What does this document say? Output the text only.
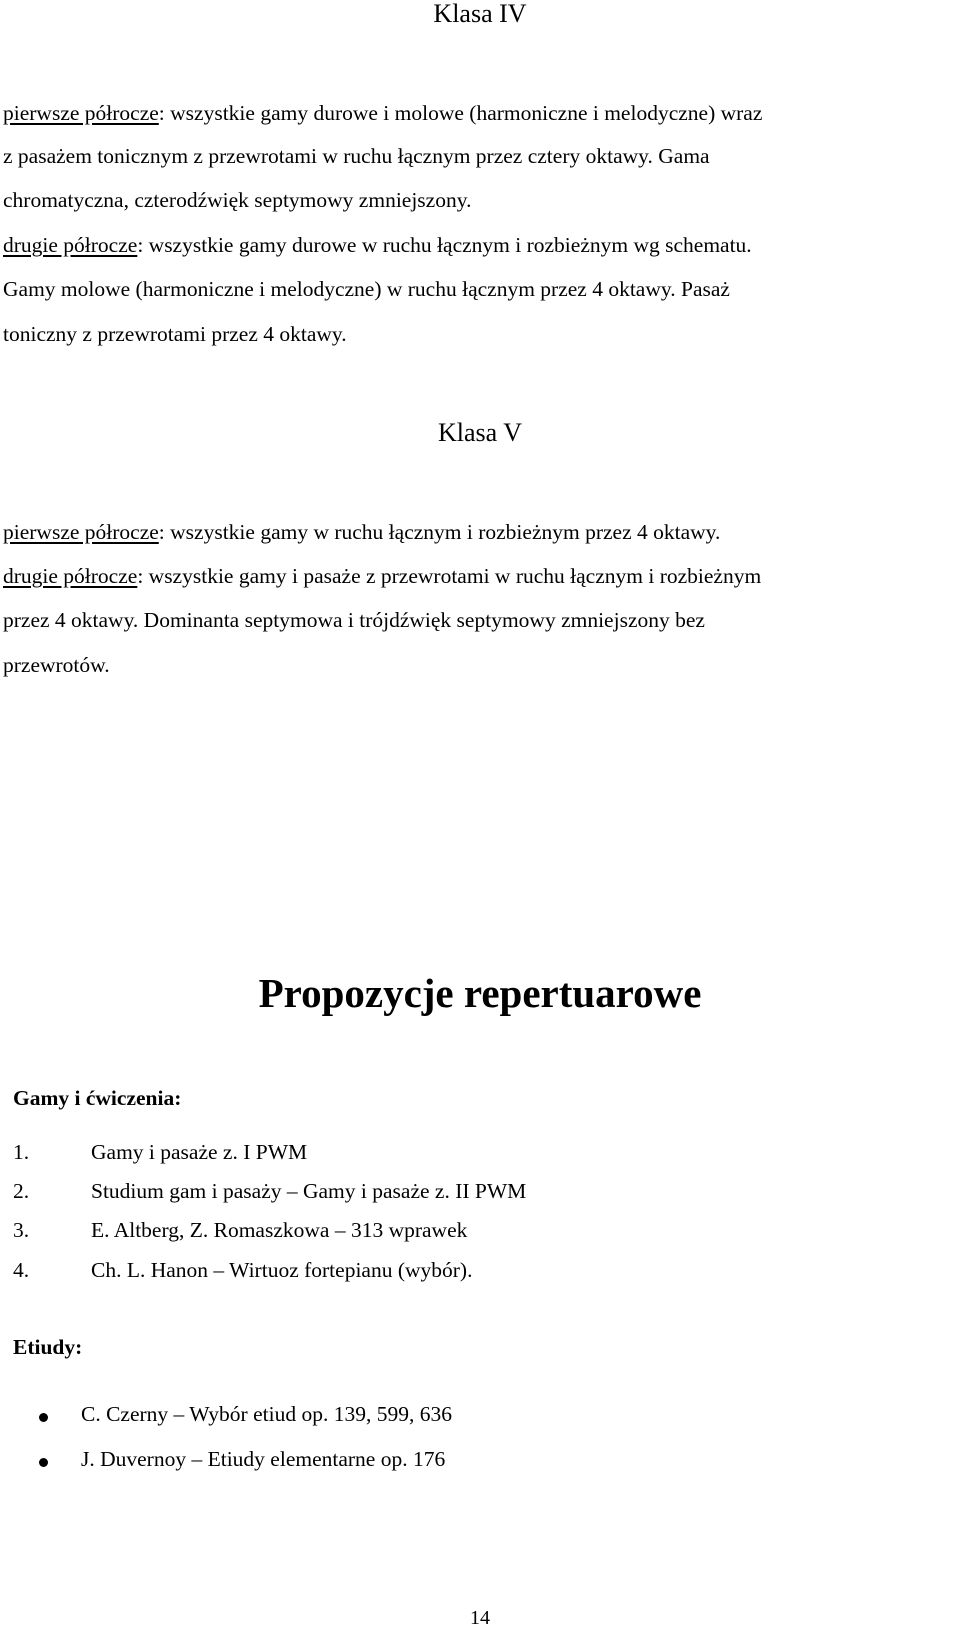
Klasa IV
pierwsze półrocze: wszystkie gamy durowe i molowe (harmoniczne i melodyczne) wraz
z pasażem tonicznym z przewrotami w ruchu łącznym przez cztery oktawy. Gama
chromatyczna, czterodźwięk septymowy zmniejszony.
drugie półrocze: wszystkie gamy durowe w ruchu łącznym i rozbieżnym wg schematu.
Gamy molowe (harmoniczne i melodyczne) w ruchu łącznym przez 4 oktawy. Pasaż
toniczny z przewrotami przez 4 oktawy.
Klasa V
pierwsze półrocze: wszystkie gamy w ruchu łącznym i rozbieżnym przez 4 oktawy.
drugie półrocze: wszystkie gamy i pasaże z przewrotami w ruchu łącznym i rozbieżnym
przez 4 oktawy. Dominanta septymowa i trójdźwięk septymowy zmniejszony bez
przewrotów.
Propozycje repertuarowe
Gamy i ćwiczenia:
1.	Gamy i pasaże z. I PWM
2.	Studium gam i pasaży – Gamy i pasaże z. II PWM
3.	E. Altberg, Z. Romaszkowa – 313 wprawek
4.	Ch. L. Hanon – Wirtuoz fortepianu (wybór).
Etiudy:
C. Czerny – Wybór etiud op. 139, 599, 636
J. Duvernoy – Etiudy elementarne op. 176
14
